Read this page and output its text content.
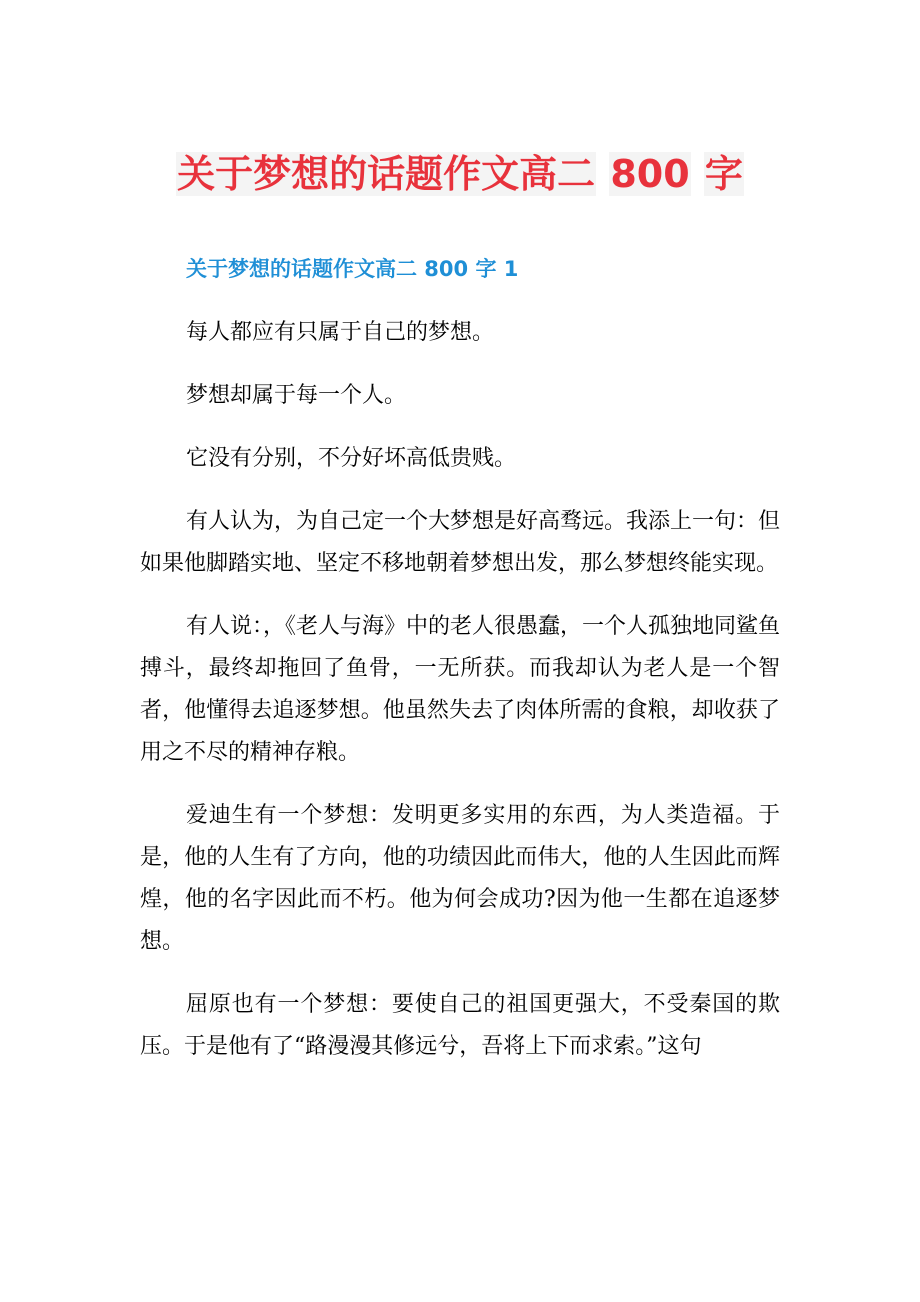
关于梦想的话题作文高二 800 字
关于梦想的话题作文高二 800 字 1

每人都应有只属于自己的梦想。

梦想却属于每一个人。

它没有分别，不分好坏高低贵贱。

有人认为，为自己定一个大梦想是好高骛远。我添上一句：但如果他脚踏实地、坚定不移地朝着梦想出发，那么梦想终能实现。

有人说：，《老人与海》中的老人很愚蠢，一个人孤独地同鲨鱼搏斗，最终却拖回了鱼骨，一无所获。而我却认为老人是一个智者，他懂得去追逐梦想。他虽然失去了肉体所需的食粮，却收获了用之不尽的精神存粮。

爱迪生有一个梦想：发明更多实用的东西，为人类造福。于是，他的人生有了方向，他的功绩因此而伟大，他的人生因此而辉煌，他的名字因此而不朽。他为何会成功?因为他一生都在追逐梦想。

屈原也有一个梦想：要使自己的祖国更强大，不受秦国的欺压。于是他有了“路漫漫其修远兮，吾将上下而求索。”这句
